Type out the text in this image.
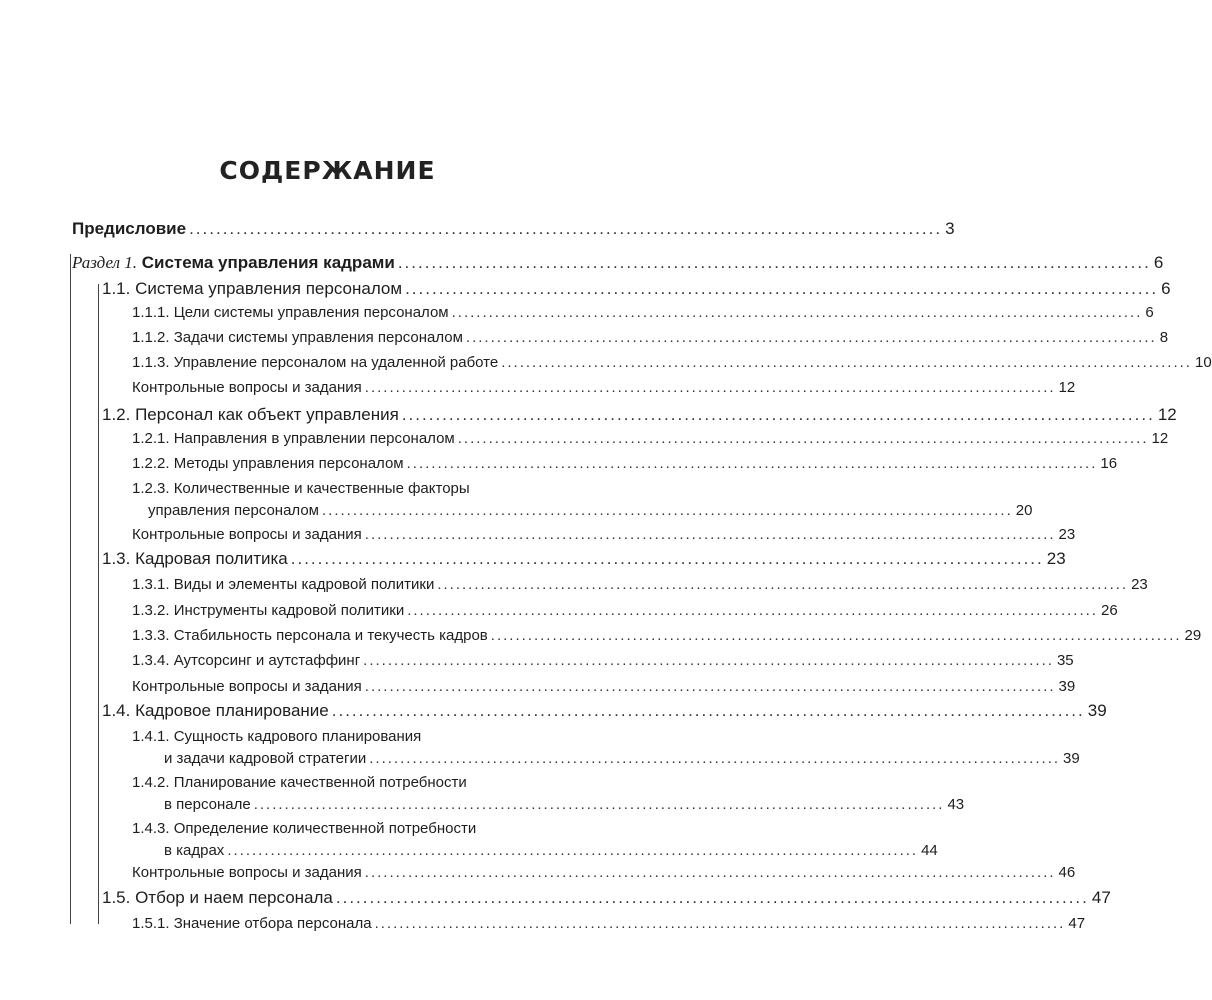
СОДЕРЖАНИЕ
Предисловие ................................................................................................................ 3
Раздел 1. Система управления кадрами ................................................................................................................ 6
1.1. Система управления персоналом ................................................................................................................ 6
1.1.1. Цели системы управления персоналом ................................................................................................................ 6
1.1.2. Задачи системы управления персоналом ................................................................................................................ 8
1.1.3. Управление персоналом на удаленной работе ................................................................................................................ 10
Контрольные вопросы и задания ................................................................................................................ 12
1.2. Персонал как объект управления ................................................................................................................ 12
1.2.1. Направления в управлении персоналом ................................................................................................................ 12
1.2.2. Методы управления персоналом ................................................................................................................ 16
1.2.3. Количественные и качественные факторы
управления персоналом ................................................................................................................ 20
Контрольные вопросы и задания ................................................................................................................ 23
1.3. Кадровая политика ................................................................................................................ 23
1.3.1. Виды и элементы кадровой политики ................................................................................................................ 23
1.3.2. Инструменты кадровой политики ................................................................................................................ 26
1.3.3. Стабильность персонала и текучесть кадров ................................................................................................................ 29
1.3.4. Аутсорсинг и аутстаффинг ................................................................................................................ 35
Контрольные вопросы и задания ................................................................................................................ 39
1.4. Кадровое планирование ................................................................................................................ 39
1.4.1. Сущность кадрового планирования
и задачи кадровой стратегии ................................................................................................................ 39
1.4.2. Планирование качественной потребности
в персонале ................................................................................................................ 43
1.4.3. Определение количественной потребности
в кадрах ................................................................................................................ 44
Контрольные вопросы и задания ................................................................................................................ 46
1.5. Отбор и наем персонала ................................................................................................................ 47
1.5.1. Значение отбора персонала ................................................................................................................ 47
